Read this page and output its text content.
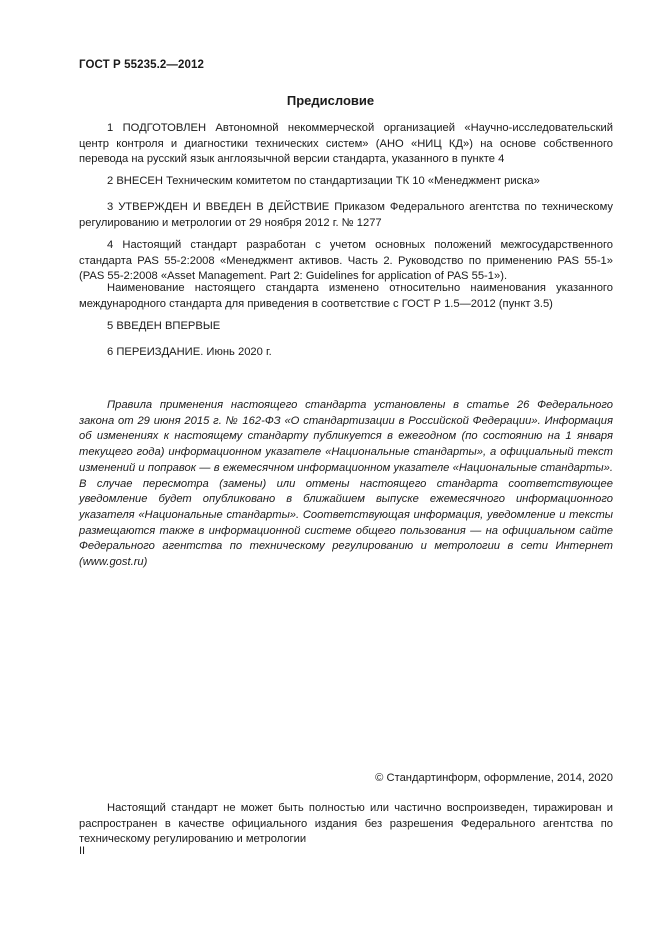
ГОСТ Р 55235.2—2012
Предисловие
1 ПОДГОТОВЛЕН Автономной некоммерческой организацией «Научно-исследовательский центр контроля и диагностики технических систем» (АНО «НИЦ КД») на основе собственного перевода на русский язык англоязычной версии стандарта, указанного в пункте 4
2 ВНЕСЕН Техническим комитетом по стандартизации ТК 10 «Менеджмент риска»
3 УТВЕРЖДЕН И ВВЕДЕН В ДЕЙСТВИЕ Приказом Федерального агентства по техническому регулированию и метрологии от 29 ноября 2012 г. № 1277
4 Настоящий стандарт разработан с учетом основных положений межгосударственного стандарта PAS 55-2:2008 «Менеджмент активов. Часть 2. Руководство по применению PAS 55-1» (PAS 55-2:2008 «Asset Management. Part 2: Guidelines for application of PAS 55-1»).
Наименование настоящего стандарта изменено относительно наименования указанного международного стандарта для приведения в соответствие с ГОСТ Р 1.5—2012 (пункт 3.5)
5 ВВЕДЕН ВПЕРВЫЕ
6 ПЕРЕИЗДАНИЕ. Июнь 2020 г.
Правила применения настоящего стандарта установлены в статье 26 Федерального закона от 29 июня 2015 г. № 162-ФЗ «О стандартизации в Российской Федерации». Информация об изменениях к настоящему стандарту публикуется в ежегодном (по состоянию на 1 января текущего года) информационном указателе «Национальные стандарты», а официальный текст изменений и поправок — в ежемесячном информационном указателе «Национальные стандарты». В случае пересмотра (замены) или отмены настоящего стандарта соответствующее уведомление будет опубликовано в ближайшем выпуске ежемесячного информационного указателя «Национальные стандарты». Соответствующая информация, уведомление и тексты размещаются также в информационной системе общего пользования — на официальном сайте Федерального агентства по техническому регулированию и метрологии в сети Интернет (www.gost.ru)
© Стандартинформ, оформление, 2014, 2020
Настоящий стандарт не может быть полностью или частично воспроизведен, тиражирован и распространен в качестве официального издания без разрешения Федерального агентства по техническому регулированию и метрологии
II
